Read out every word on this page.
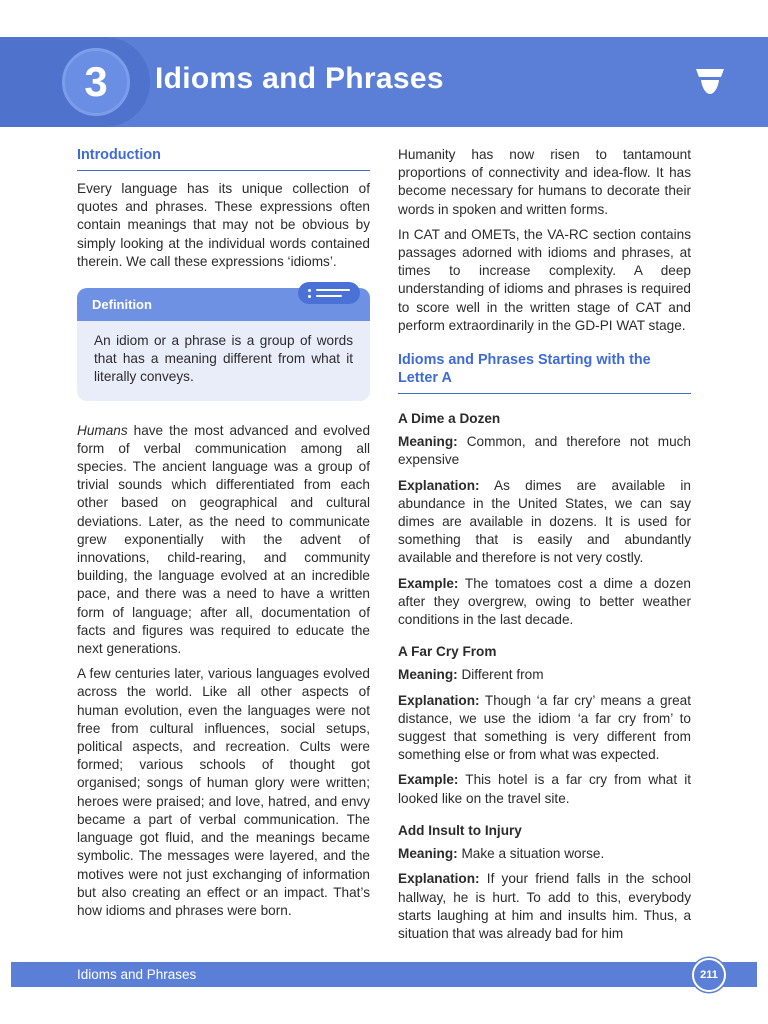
3	Idioms and Phrases
Introduction

Every language has its unique collection of quotes and phrases. These expressions often contain meanings that may not be obvious by simply looking at the individual words contained therein. We call these expressions ‘idioms’.

Definition
An idiom or a phrase is a group of words that has a meaning different from what it literally conveys.

Humans have the most advanced and evolved form of verbal communication among all species. The ancient language was a group of trivial sounds which differentiated from each other based on geographical and cultural deviations. Later, as the need to communicate grew exponentially with the advent of innovations, child-rearing, and community building, the language evolved at an incredible pace, and there was a need to have a written form of language; after all, documentation of facts and figures was required to educate the next generations.

A few centuries later, various languages evolved across the world. Like all other aspects of human evolution, even the languages were not free from cultural influences, social setups, political aspects, and recreation. Cults were formed; various schools of thought got organised; songs of human glory were written; heroes were praised; and love, hatred, and envy became a part of verbal communication. The language got fluid, and the meanings became symbolic. The messages were layered, and the motives were not just exchanging of information but also creating an effect or an impact. That’s how idioms and phrases were born.

Humanity has now risen to tantamount proportions of connectivity and idea-flow. It has become necessary for humans to decorate their words in spoken and written forms.

In CAT and OMETs, the VA-RC section contains passages adorned with idioms and phrases, at times to increase complexity. A deep understanding of idioms and phrases is required to score well in the written stage of CAT and perform extraordinarily in the GD-PI WAT stage.

Idioms and Phrases Starting with the Letter A
A Dime a Dozen

Meaning: Common, and therefore not much expensive

Explanation: As dimes are available in abundance in the United States, we can say dimes are available in dozens. It is used for something that is easily and abundantly available and therefore is not very costly.

Example: The tomatoes cost a dime a dozen after they overgrew, owing to better weather conditions in the last decade.

A Far Cry From

Meaning: Different from

Explanation: Though ‘a far cry’ means a great distance, we use the idiom ‘a far cry from’ to suggest that something is very different from something else or from what was expected.

Example: This hotel is a far cry from what it looked like on the travel site.

Add Insult to Injury

Meaning: Make a situation worse.

Explanation: If your friend falls in the school hallway, he is hurt. To add to this, everybody starts laughing at him and insults him. Thus, a situation that was already bad for him

Idioms and Phrases	211
